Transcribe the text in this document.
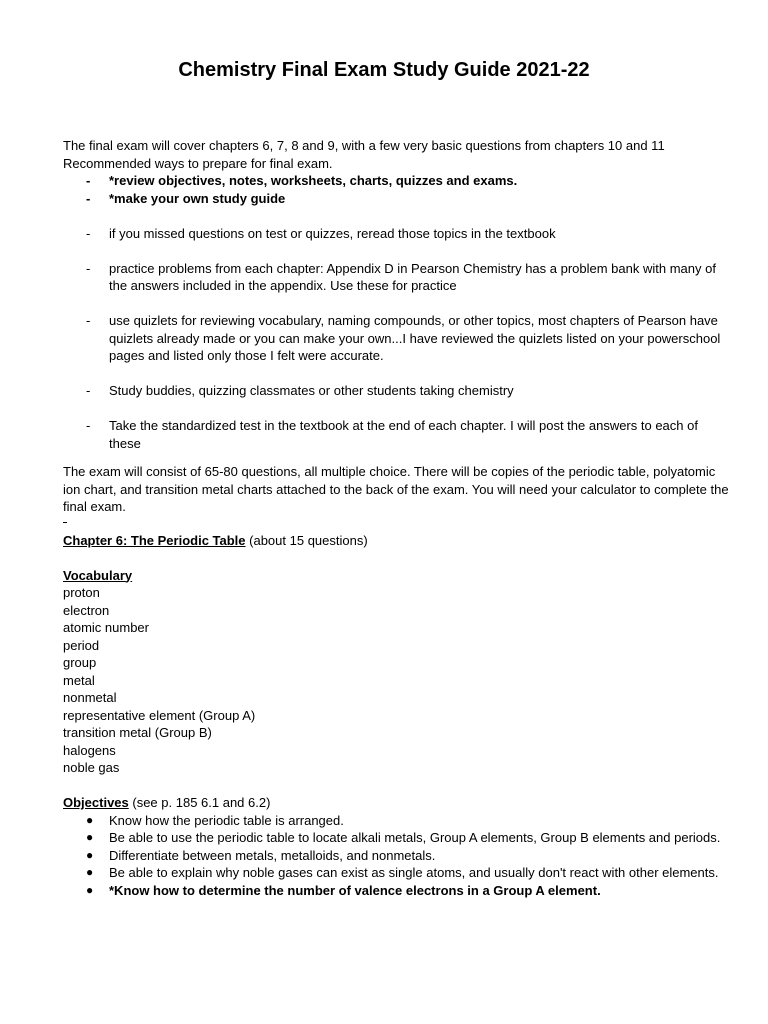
Chemistry Final Exam Study Guide 2021-22

The final exam will cover chapters 6, 7, 8 and 9, with a few very basic questions from chapters 10 and 11

Recommended ways to prepare for final exam.

- *review objectives, notes, worksheets, charts, quizzes and exams.
- *make your own study guide
- if you missed questions on test or quizzes, reread those topics in the textbook
- practice problems from each chapter: Appendix D in Pearson Chemistry has a problem bank with many of the answers included in the appendix. Use these for practice
- use quizlets for reviewing vocabulary, naming compounds, or other topics, most chapters of Pearson have quizlets already made or you can make your own...I have reviewed the quizlets listed on your powerschool pages and listed only those I felt were accurate.
- Study buddies, quizzing classmates or other students taking chemistry
- Take the standardized test in the textbook at the end of each chapter. I will post the answers to each of these

The exam will consist of 65-80 questions, all multiple choice. There will be copies of the periodic table, polyatomic ion chart, and transition metal charts attached to the back of the exam. You will need your calculator to complete the final exam.

Chapter 6: The Periodic Table (about 15 questions)

Vocabulary

proton
electron
atomic number
period
group
metal
nonmetal
representative element (Group A)
transition metal (Group B)
halogens
noble gas

Objectives (see p. 185 6.1 and 6.2)

● Know how the periodic table is arranged.
● Be able to use the periodic table to locate alkali metals, Group A elements, Group B elements and periods.
● Differentiate between metals, metalloids, and nonmetals.
● Be able to explain why noble gases can exist as single atoms, and usually don't react with other elements.
● *Know how to determine the number of valence electrons in a Group A element.
